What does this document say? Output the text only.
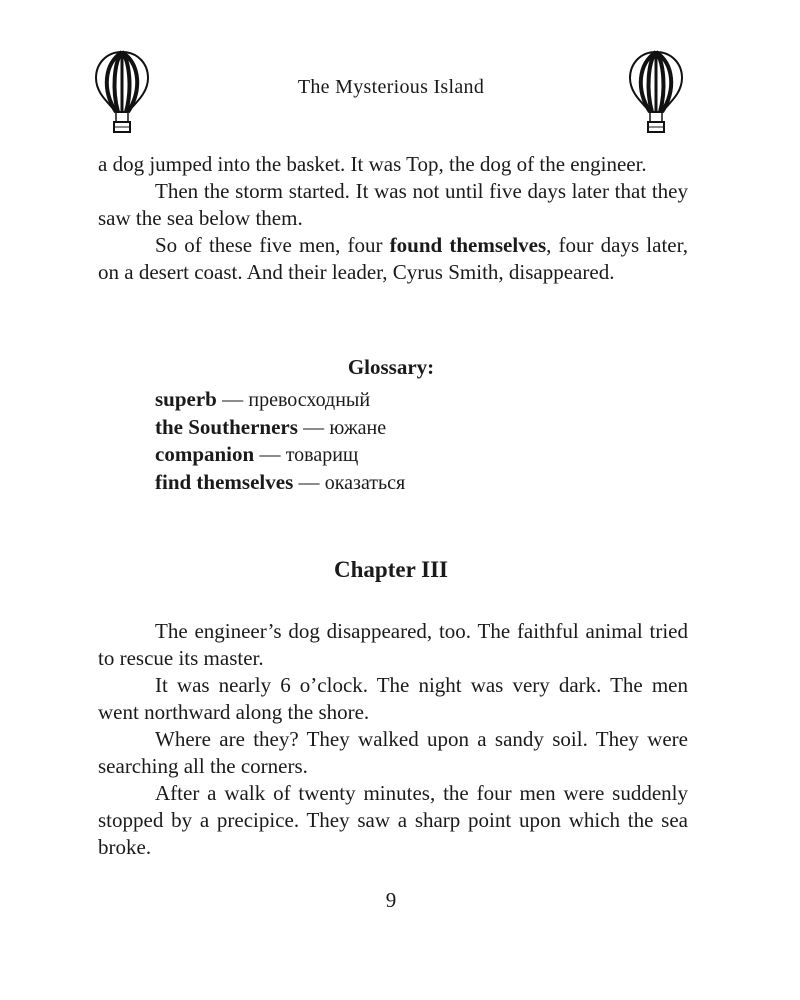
The Mysterious Island

a dog jumped into the basket. It was Top, the dog of the engineer.

Then the storm started. It was not until five days later that they saw the sea below them.

So of these five men, four found themselves, four days later, on a desert coast. And their leader, Cyrus Smith, disappeared.

Glossary:
superb — превосходный
the Southerners — южане
companion — товарищ
find themselves — оказаться
Chapter III

The engineer’s dog disappeared, too. The faithful animal tried to rescue its master.

It was nearly 6 o’clock. The night was very dark. The men went northward along the shore.

Where are they? They walked upon a sandy soil. They were searching all the corners.

After a walk of twenty minutes, the four men were suddenly stopped by a precipice. They saw a sharp point upon which the sea broke.

9
